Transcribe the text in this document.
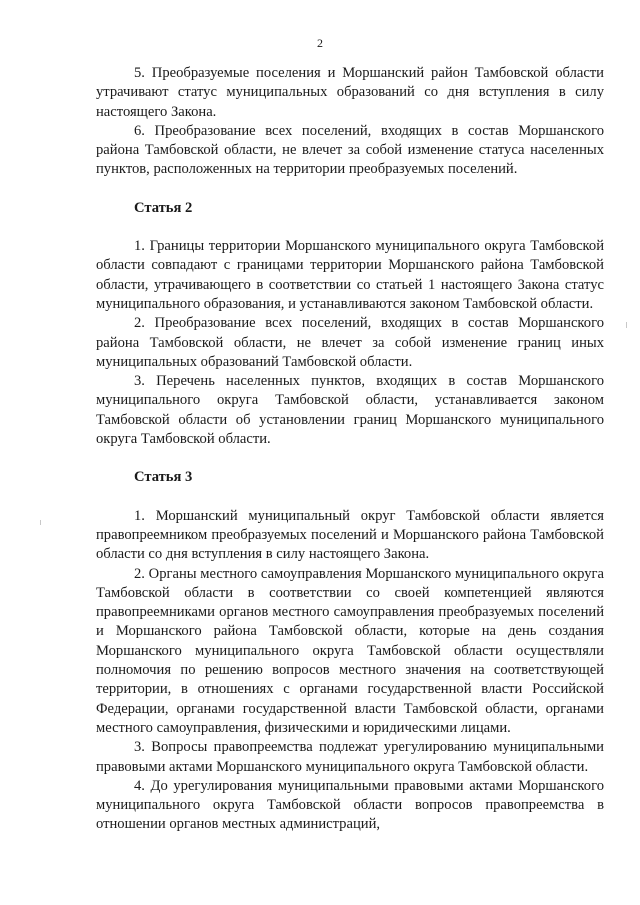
2

5. Преобразуемые поселения и Моршанский район Тамбовской области утрачивают статус муниципальных образований со дня вступления в силу настоящего Закона.

6. Преобразование всех поселений, входящих в состав Моршанского района Тамбовской области, не влечет за собой изменение статуса населенных пунктов, расположенных на территории преобразуемых поселений.

Статья 2

1. Границы территории Моршанского муниципального округа Тамбовской области совпадают с границами территории Моршанского района Тамбовской области, утрачивающего в соответствии со статьей 1 настоящего Закона статус муниципального образования, и устанавливаются законом Тамбовской области.

2. Преобразование всех поселений, входящих в состав Моршанского района Тамбовской области, не влечет за собой изменение границ иных муниципальных образований Тамбовской области.

3. Перечень населенных пунктов, входящих в состав Моршанского муниципального округа Тамбовской области, устанавливается законом Тамбовской области об установлении границ Моршанского муниципального округа Тамбовской области.

Статья 3

1. Моршанский муниципальный округ Тамбовской области является правопреемником преобразуемых поселений и Моршанского района Тамбовской области со дня вступления в силу настоящего Закона.

2. Органы местного самоуправления Моршанского муниципального округа Тамбовской области в соответствии со своей компетенцией являются правопреемниками органов местного самоуправления преобразуемых поселений и Моршанского района Тамбовской области, которые на день создания Моршанского муниципального округа Тамбовской области осуществляли полномочия по решению вопросов местного значения на соответствующей территории, в отношениях с органами государственной власти Российской Федерации, органами государственной власти Тамбовской области, органами местного самоуправления, физическими и юридическими лицами.

3. Вопросы правопреемства подлежат урегулированию муниципальными правовыми актами Моршанского муниципального округа Тамбовской области.

4. До урегулирования муниципальными правовыми актами Моршанского муниципального округа Тамбовской области вопросов правопреемства в отношении органов местных администраций,
